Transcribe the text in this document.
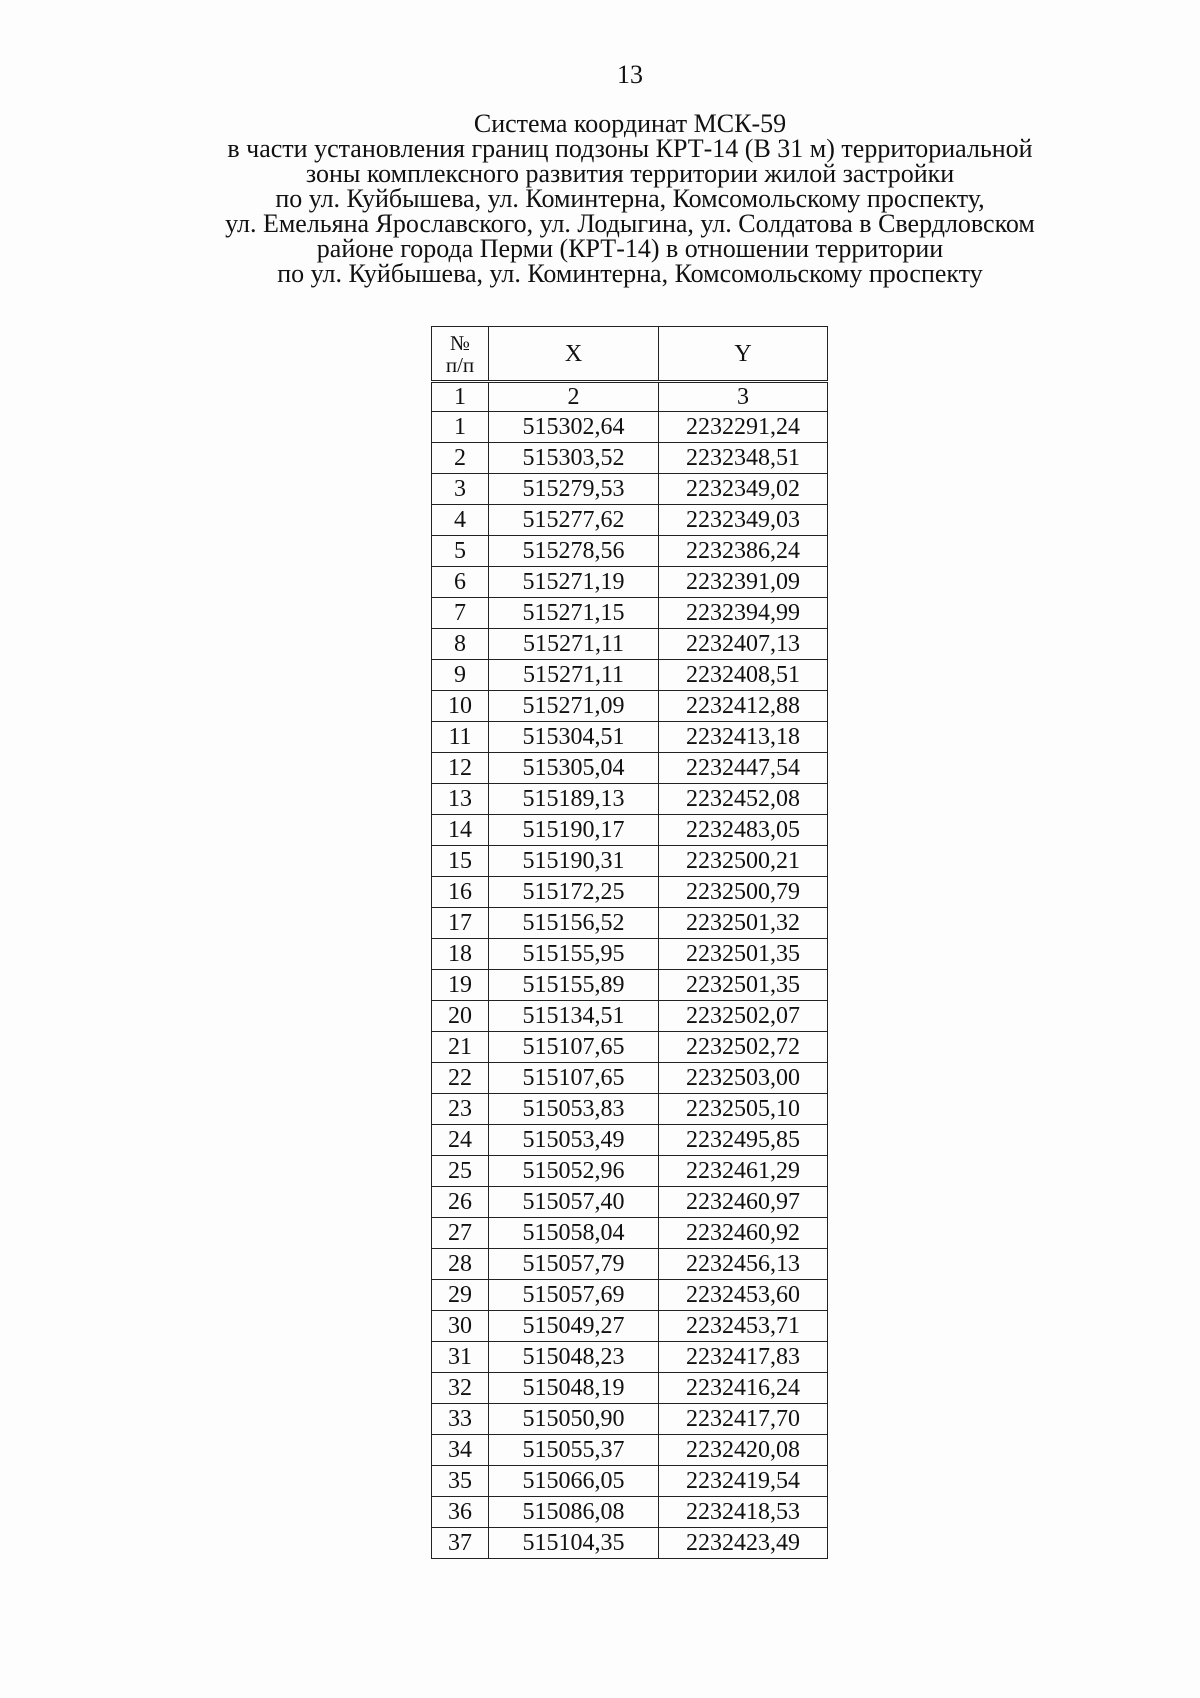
13
Система координат МСК-59
в части установления границ подзоны КРТ-14 (В 31 м) территориальной
зоны комплексного развития территории жилой застройки
по ул. Куйбышева, ул. Коминтерна, Комсомольскому проспекту,
ул. Емельяна Ярославского, ул. Лодыгина, ул. Солдатова в Свердловском
районе города Перми (КРТ-14) в отношении территории
по ул. Куйбышева, ул. Коминтерна, Комсомольскому проспекту
№
п/п	X	Y
1	2	3
1	515302,64	2232291,24
2	515303,52	2232348,51
3	515279,53	2232349,02
4	515277,62	2232349,03
5	515278,56	2232386,24
6	515271,19	2232391,09
7	515271,15	2232394,99
8	515271,11	2232407,13
9	515271,11	2232408,51
10	515271,09	2232412,88
11	515304,51	2232413,18
12	515305,04	2232447,54
13	515189,13	2232452,08
14	515190,17	2232483,05
15	515190,31	2232500,21
16	515172,25	2232500,79
17	515156,52	2232501,32
18	515155,95	2232501,35
19	515155,89	2232501,35
20	515134,51	2232502,07
21	515107,65	2232502,72
22	515107,65	2232503,00
23	515053,83	2232505,10
24	515053,49	2232495,85
25	515052,96	2232461,29
26	515057,40	2232460,97
27	515058,04	2232460,92
28	515057,79	2232456,13
29	515057,69	2232453,60
30	515049,27	2232453,71
31	515048,23	2232417,83
32	515048,19	2232416,24
33	515050,90	2232417,70
34	515055,37	2232420,08
35	515066,05	2232419,54
36	515086,08	2232418,53
37	515104,35	2232423,49
